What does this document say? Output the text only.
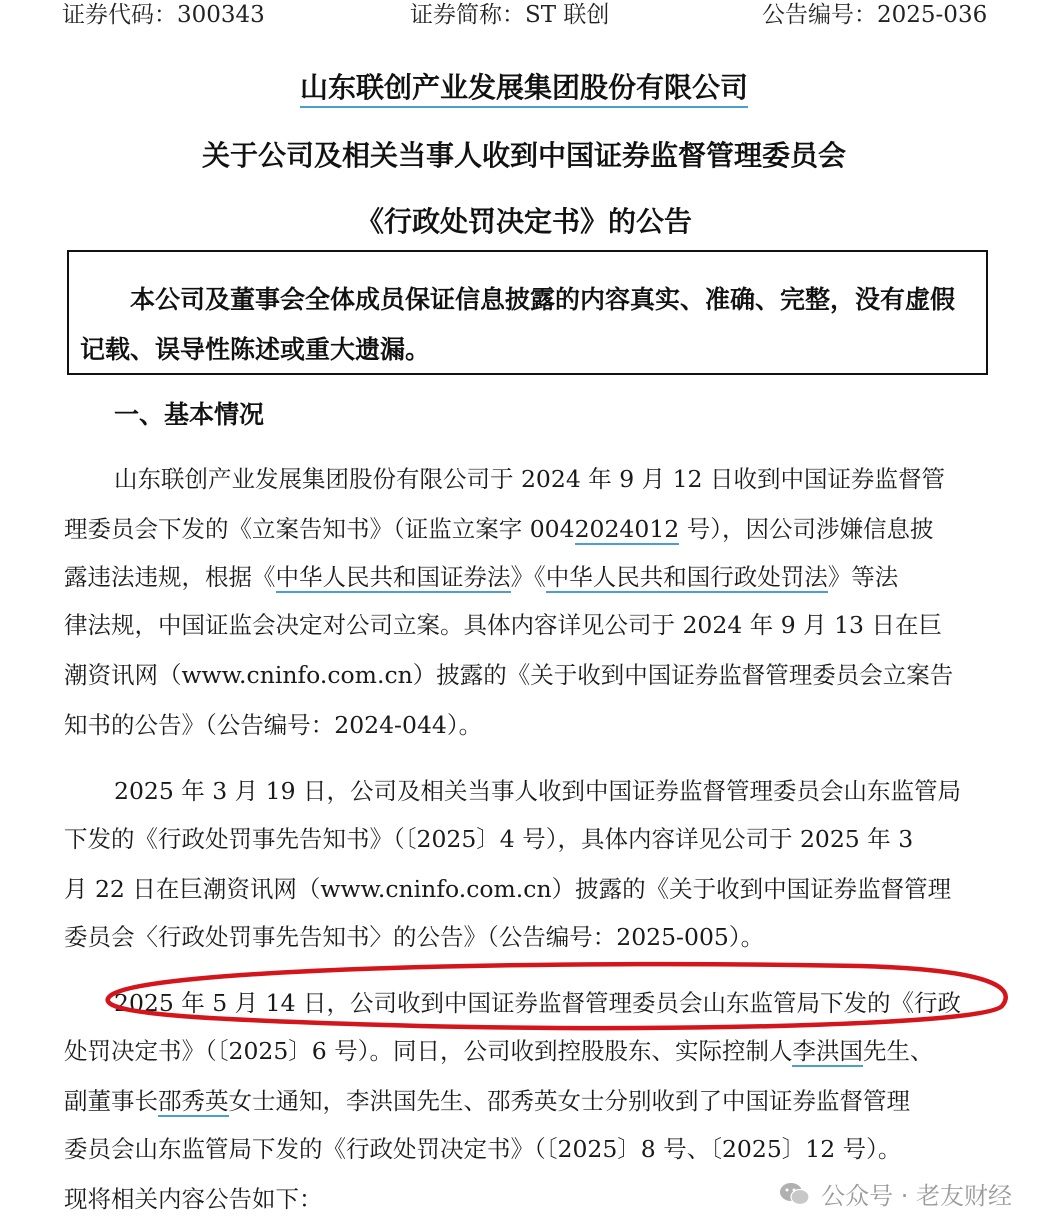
证券代码：300343	证券简称：ST 联创	公告编号：2025-036
山东联创产业发展集团股份有限公司
关于公司及相关当事人收到中国证券监督管理委员会
《行政处罚决定书》的公告
本公司及董事会全体成员保证信息披露的内容真实、准确、完整，没有虚假
记载、误导性陈述或重大遗漏。
一、基本情况
山东联创产业发展集团股份有限公司于 2024 年 9 月 12 日收到中国证券监督管
理委员会下发的《立案告知书》（证监立案字 0042024012 号），因公司涉嫌信息披
露违法违规，根据《中华人民共和国证券法》《中华人民共和国行政处罚法》等法
律法规，中国证监会决定对公司立案。具体内容详见公司于 2024 年 9 月 13 日在巨
潮资讯网（www.cninfo.com.cn）披露的《关于收到中国证券监督管理委员会立案告
知书的公告》（公告编号：2024-044）。
2025 年 3 月 19 日，公司及相关当事人收到中国证券监督管理委员会山东监管局
下发的《行政处罚事先告知书》（〔2025〕4 号），具体内容详见公司于 2025 年 3
月 22 日在巨潮资讯网（www.cninfo.com.cn）披露的《关于收到中国证券监督管理
委员会〈行政处罚事先告知书〉的公告》（公告编号：2025-005）。
2025 年 5 月 14 日，公司收到中国证券监督管理委员会山东监管局下发的《行政
处罚决定书》（〔2025〕6 号）。同日，公司收到控股股东、实际控制人李洪国先生、
副董事长邵秀英女士通知，李洪国先生、邵秀英女士分别收到了中国证券监督管理
委员会山东监管局下发的《行政处罚决定书》（〔2025〕8 号、〔2025〕12 号）。
现将相关内容公告如下：	公众号 · 老友财经
